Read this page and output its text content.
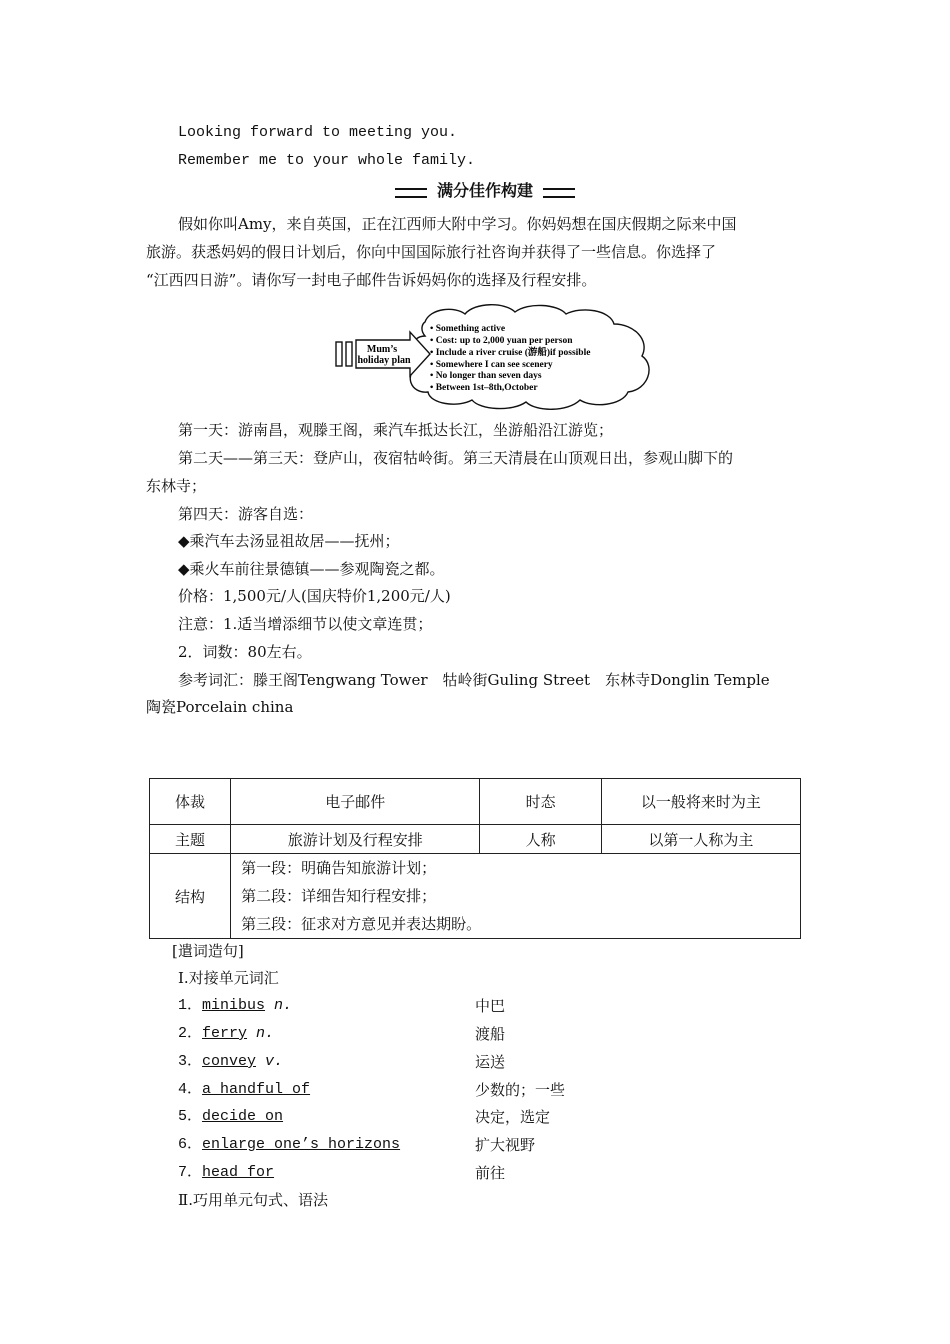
Looking forward to meeting you.
Remember me to your whole family.
满分佳作构建
假如你叫Amy，来自英国，正在江西师大附中学习。你妈妈想在国庆假期之际来中国
旅游。获悉妈妈的假日计划后，你向中国国际旅行社咨询并获得了一些信息。你选择了
“江西四日游”。请你写一封电子邮件告诉妈妈你的选择及行程安排。
Mum’s
holiday plan
• Something active
• Cost: up to 2,000 yuan per person
• Include a river cruise (游船)if possible
• Somewhere I can see scenery
• No longer than seven days
• Between 1st–8th,October
第一天：游南昌，观滕王阁，乘汽车抵达长江，坐游船沿江游览；
第二天——第三天：登庐山，夜宿牯岭街。第三天清晨在山顶观日出，参观山脚下的
东林寺；
第四天：游客自选：
◆乘汽车去汤显祖故居——抚州；
◆乘火车前往景德镇——参观陶瓷之都。
价格：1,500元/人(国庆特价1,200元/人)
注意：1.适当增添细节以使文章连贯；
2．词数：80左右。
参考词汇：滕王阁Tengwang Tower　牯岭街Guling Street　东林寺Donglin Temple
陶瓷Porcelain china
体裁	电子邮件	时态	以一般将来时为主
主题	旅游计划及行程安排	人称	以第一人称为主
结构	第一段：明确告知旅游计划；
第二段：详细告知行程安排；
第三段：征求对方意见并表达期盼。		
[遣词造句]
Ⅰ.对接单元词汇
1．minibus n.	中巴
2．ferry n.	渡船
3．convey v.	运送
4．a handful of	少数的；一些
5．decide on	决定，选定
6．enlarge one’s horizons	扩大视野
7．head for	前往
Ⅱ.巧用单元句式、语法
